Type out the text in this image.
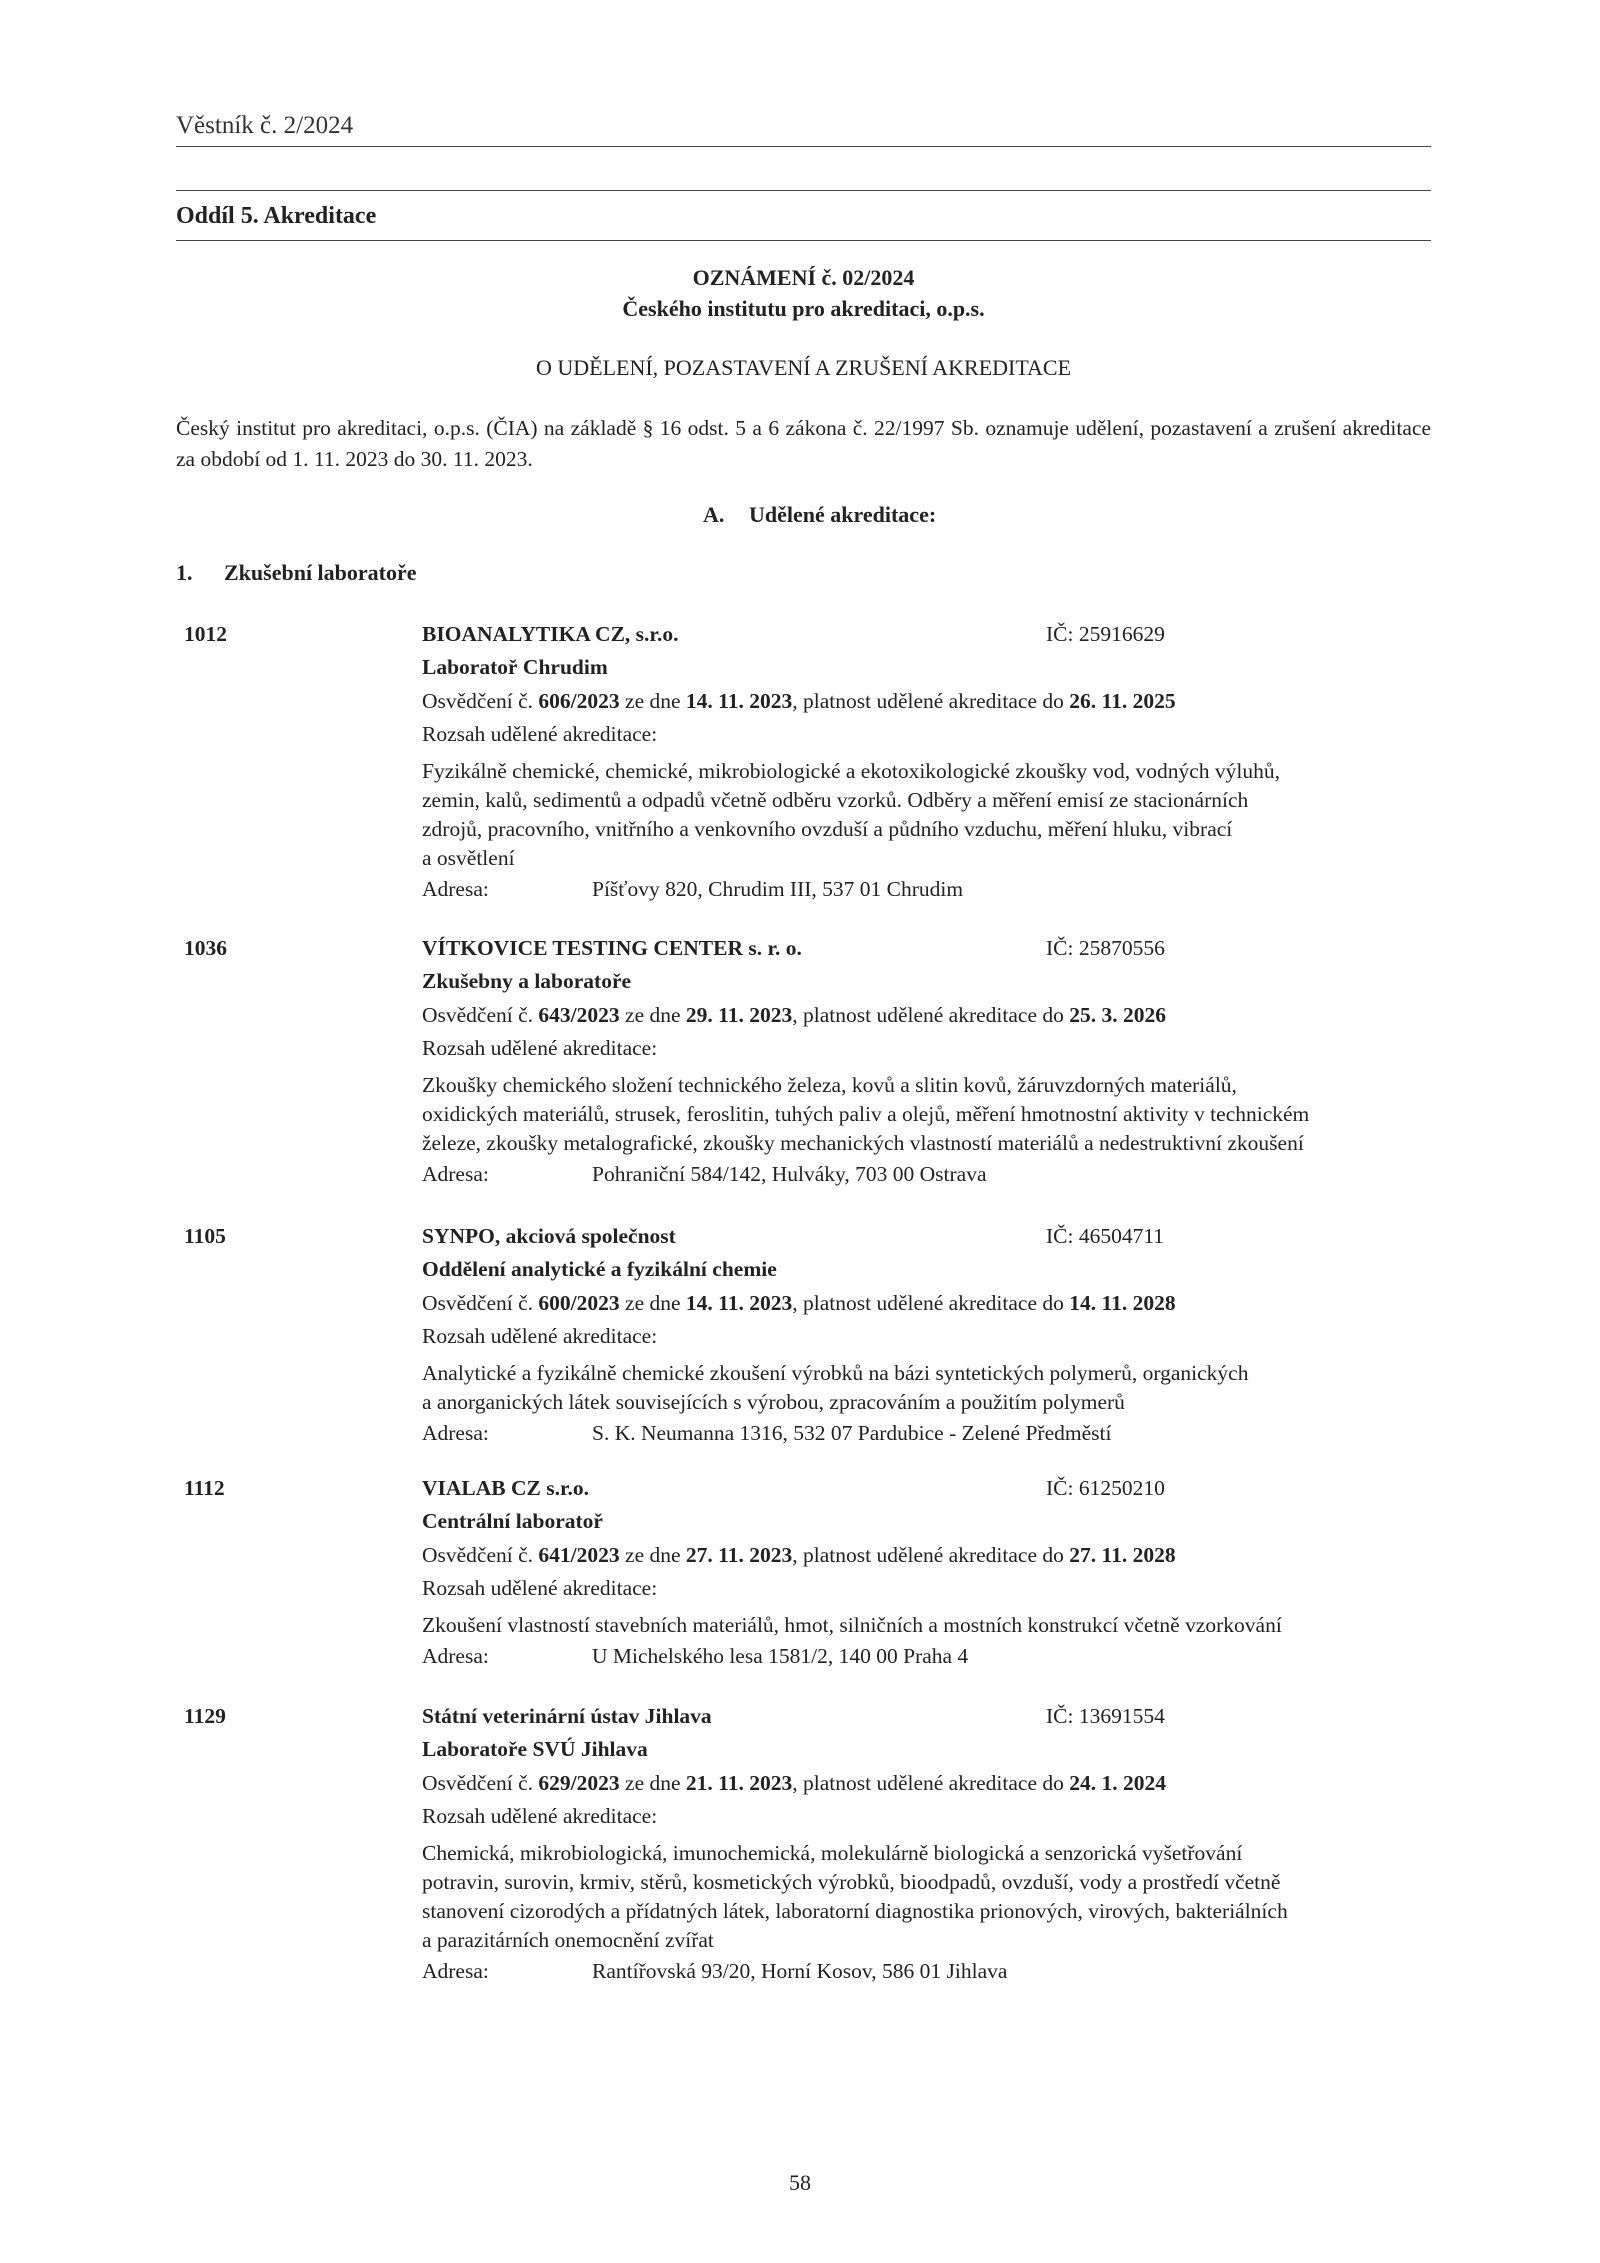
Věstník č. 2/2024
Oddíl 5. Akreditace
OZNÁMENÍ č. 02/2024
Českého institutu pro akreditaci, o.p.s.
O UDĚLENÍ, POZASTAVENÍ A ZRUŠENÍ AKREDITACE
Český institut pro akreditaci, o.p.s. (ČIA) na základě § 16 odst. 5 a 6 zákona č. 22/1997 Sb. oznamuje udělení, pozastavení a zrušení akreditace za období od 1. 11. 2023 do 30. 11. 2023.
A. Udělené akreditace:
1. Zkušební laboratoře
1012	BIOANALYTIKA CZ, s.r.o.	IČ: 25916629
Laboratoř Chrudim
Osvědčení č. 606/2023 ze dne 14. 11. 2023, platnost udělené akreditace do 26. 11. 2025
Rozsah udělené akreditace:
Fyzikálně chemické, chemické, mikrobiologické a ekotoxikologické zkoušky vod, vodných výluhů,
zemin, kalů, sedimentů a odpadů včetně odběru vzorků. Odběry a měření emisí ze stacionárních
zdrojů, pracovního, vnitřního a venkovního ovzduší a půdního vzduchu, měření hluku, vibrací
a osvětlení
Adresa:	Píšťovy 820, Chrudim III, 537 01 Chrudim
1036	VÍTKOVICE TESTING CENTER s. r. o.	IČ: 25870556
Zkušebny a laboratoře
Osvědčení č. 643/2023 ze dne 29. 11. 2023, platnost udělené akreditace do 25. 3. 2026
Rozsah udělené akreditace:
Zkoušky chemického složení technického železa, kovů a slitin kovů, žáruvzdorných materiálů,
oxidických materiálů, strusek, feroslitin, tuhých paliv a olejů, měření hmotnostní aktivity v technickém
železe, zkoušky metalografické, zkoušky mechanických vlastností materiálů a nedestruktivní zkoušení
Adresa:	Pohraniční 584/142, Hulváky, 703 00 Ostrava
1105	SYNPO, akciová společnost	IČ: 46504711
Oddělení analytické a fyzikální chemie
Osvědčení č. 600/2023 ze dne 14. 11. 2023, platnost udělené akreditace do 14. 11. 2028
Rozsah udělené akreditace:
Analytické a fyzikálně chemické zkoušení výrobků na bázi syntetických polymerů, organických
a anorganických látek souvisejících s výrobou, zpracováním a použitím polymerů
Adresa:	S. K. Neumanna 1316, 532 07 Pardubice - Zelené Předměstí
1112	VIALAB CZ s.r.o.	IČ: 61250210
Centrální laboratoř
Osvědčení č. 641/2023 ze dne 27. 11. 2023, platnost udělené akreditace do 27. 11. 2028
Rozsah udělené akreditace:
Zkoušení vlastností stavebních materiálů, hmot, silničních a mostních konstrukcí včetně vzorkování
Adresa:	U Michelského lesa 1581/2, 140 00 Praha 4
1129	Státní veterinární ústav Jihlava	IČ: 13691554
Laboratoře SVÚ Jihlava
Osvědčení č. 629/2023 ze dne 21. 11. 2023, platnost udělené akreditace do 24. 1. 2024
Rozsah udělené akreditace:
Chemická, mikrobiologická, imunochemická, molekulárně biologická a senzorická vyšetřování
potravin, surovin, krmiv, stěrů, kosmetických výrobků, bioodpadů, ovzduší, vody a prostředí včetně
stanovení cizorodých a přídatných látek, laboratorní diagnostika prionových, virových, bakteriálních
a parazitárních onemocnění zvířat
Adresa:	Rantířovská 93/20, Horní Kosov, 586 01 Jihlava
58
